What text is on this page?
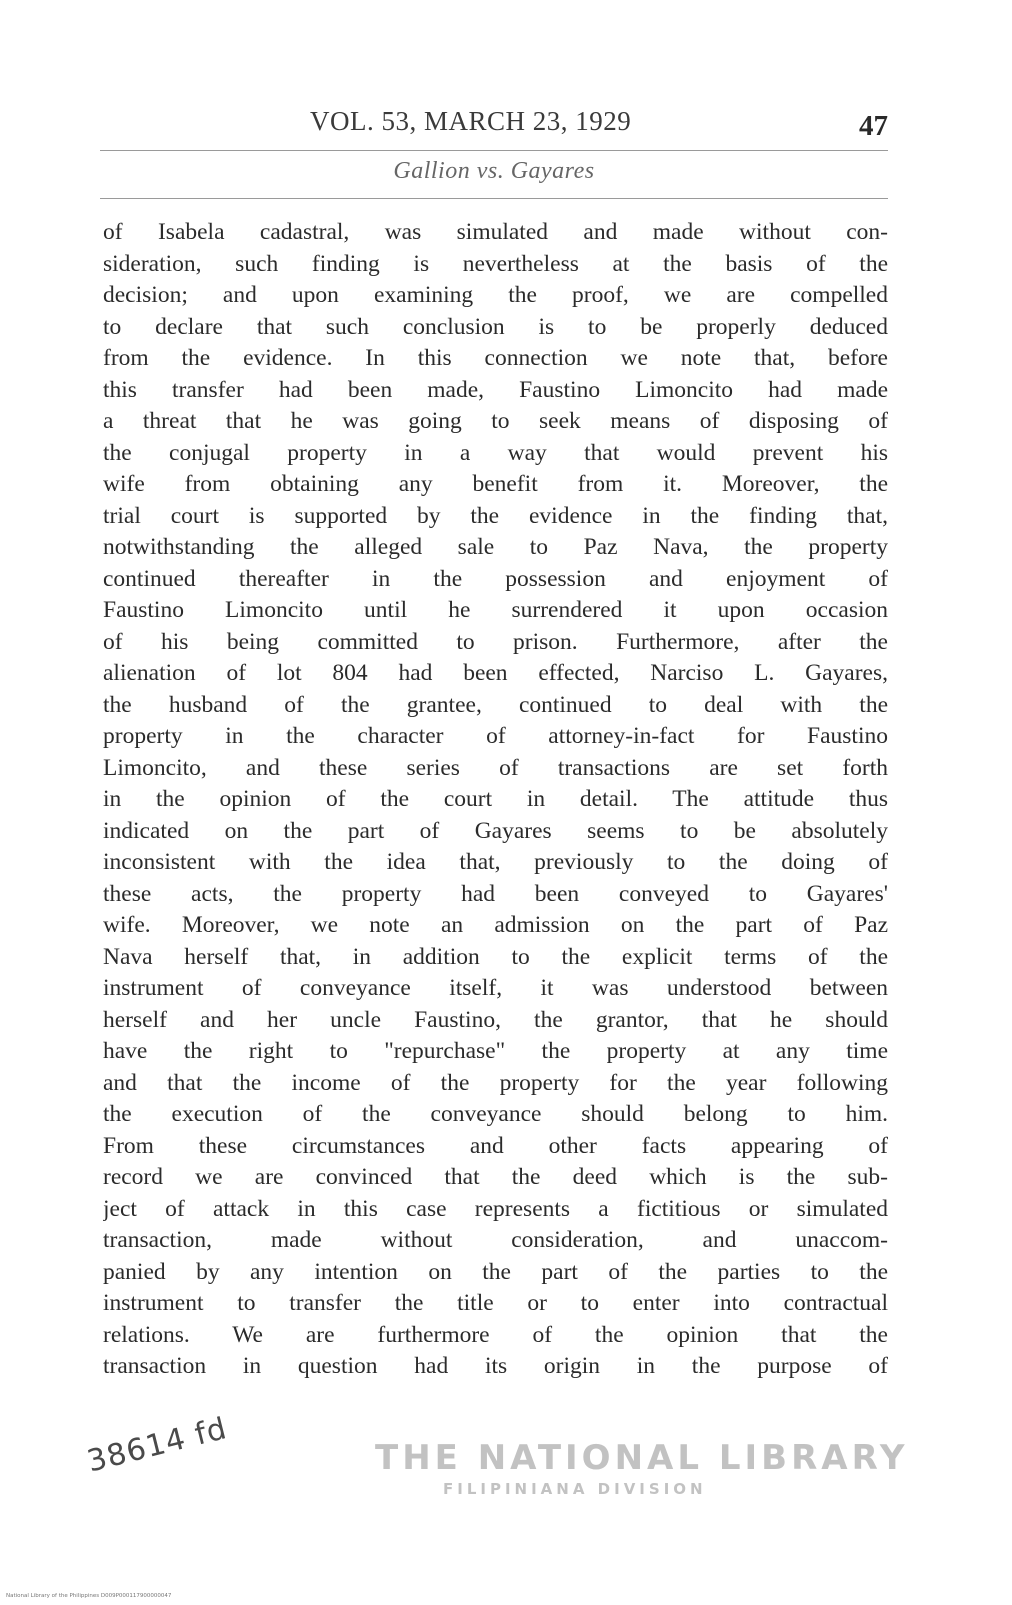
VOL. 53, MARCH 23, 1929	47
Gallion vs. Gayares
of Isabela cadastral, was simulated and made without con-
sideration, such finding is nevertheless at the basis of the
decision; and upon examining the proof, we are compelled
to declare that such conclusion is to be properly deduced
from the evidence. In this connection we note that, before
this transfer had been made, Faustino Limoncito had made
a threat that he was going to seek means of disposing of
the conjugal property in a way that would prevent his
wife from obtaining any benefit from it. Moreover, the
trial court is supported by the evidence in the finding that,
notwithstanding the alleged sale to Paz Nava, the property
continued thereafter in the possession and enjoyment of
Faustino Limoncito until he surrendered it upon occasion
of his being committed to prison. Furthermore, after the
alienation of lot 804 had been effected, Narciso L. Gayares,
the husband of the grantee, continued to deal with the
property in the character of attorney-in-fact for Faustino
Limoncito, and these series of transactions are set forth
in the opinion of the court in detail. The attitude thus
indicated on the part of Gayares seems to be absolutely
inconsistent with the idea that, previously to the doing of
these acts, the property had been conveyed to Gayares'
wife. Moreover, we note an admission on the part of Paz
Nava herself that, in addition to the explicit terms of the
instrument of conveyance itself, it was understood between
herself and her uncle Faustino, the grantor, that he should
have the right to "repurchase" the property at any time
and that the income of the property for the year following
the execution of the conveyance should belong to him.
From these circumstances and other facts appearing of
record we are convinced that the deed which is the sub-
ject of attack in this case represents a fictitious or simulated
transaction, made without consideration, and unaccom-
panied by any intention on the part of the parties to the
instrument to transfer the title or to enter into contractual
relations. We are furthermore of the opinion that the
transaction in question had its origin in the purpose of
38614 fd	THE NATIONAL LIBRARY
FILIPINIANA DIVISION
National Library of the Philippines D009P000117900000047
